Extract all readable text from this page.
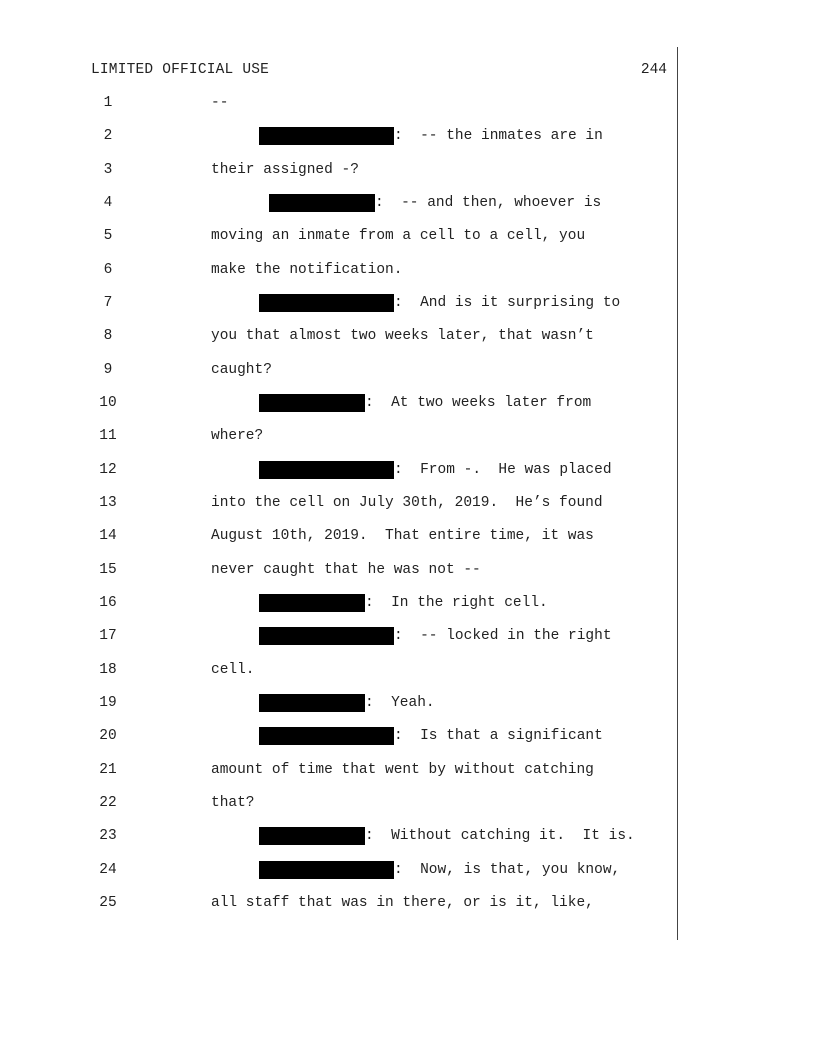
LIMITED OFFICIAL USE	244
1	--
2	:  -- the inmates are in
3	their assigned -?
4	:  -- and then, whoever is
5	moving an inmate from a cell to a cell, you
6	make the notification.
7	:  And is it surprising to
8	you that almost two weeks later, that wasn’t
9	caught?
10	:  At two weeks later from
11	where?
12	:  From -.  He was placed
13	into the cell on July 30th, 2019.  He’s found
14	August 10th, 2019.  That entire time, it was
15	never caught that he was not --
16	:  In the right cell.
17	:  -- locked in the right
18	cell.
19	:  Yeah.
20	:  Is that a significant
21	amount of time that went by without catching
22	that?
23	:  Without catching it.  It is.
24	:  Now, is that, you know,
25	all staff that was in there, or is it, like,
